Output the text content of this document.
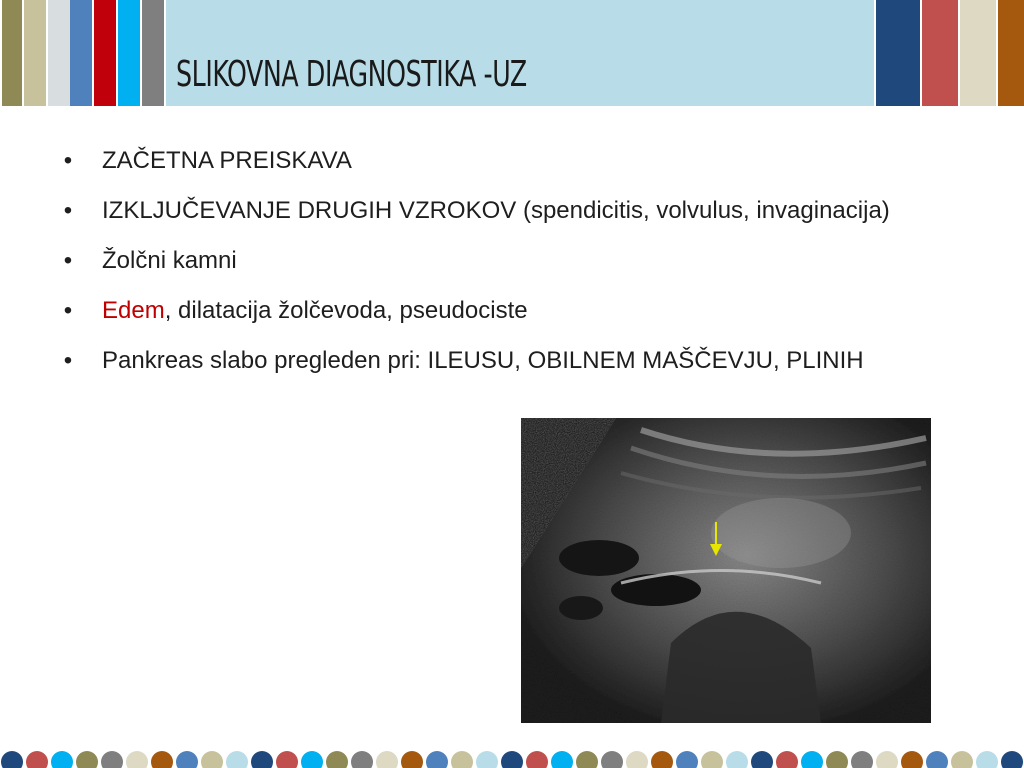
SLIKOVNA DIAGNOSTIKA -UZ
• ZAČETNA PREISKAVA
• IZKLJUČEVANJE DRUGIH VZROKOV (spendicitis, volvulus, invaginacija)
• Žolčni kamni
• Edem, dilatacija žolčevoda, pseudociste
• Pankreas slabo pregleden pri: ILEUSU, OBILNEM MAŠČEVJU, PLINIH
